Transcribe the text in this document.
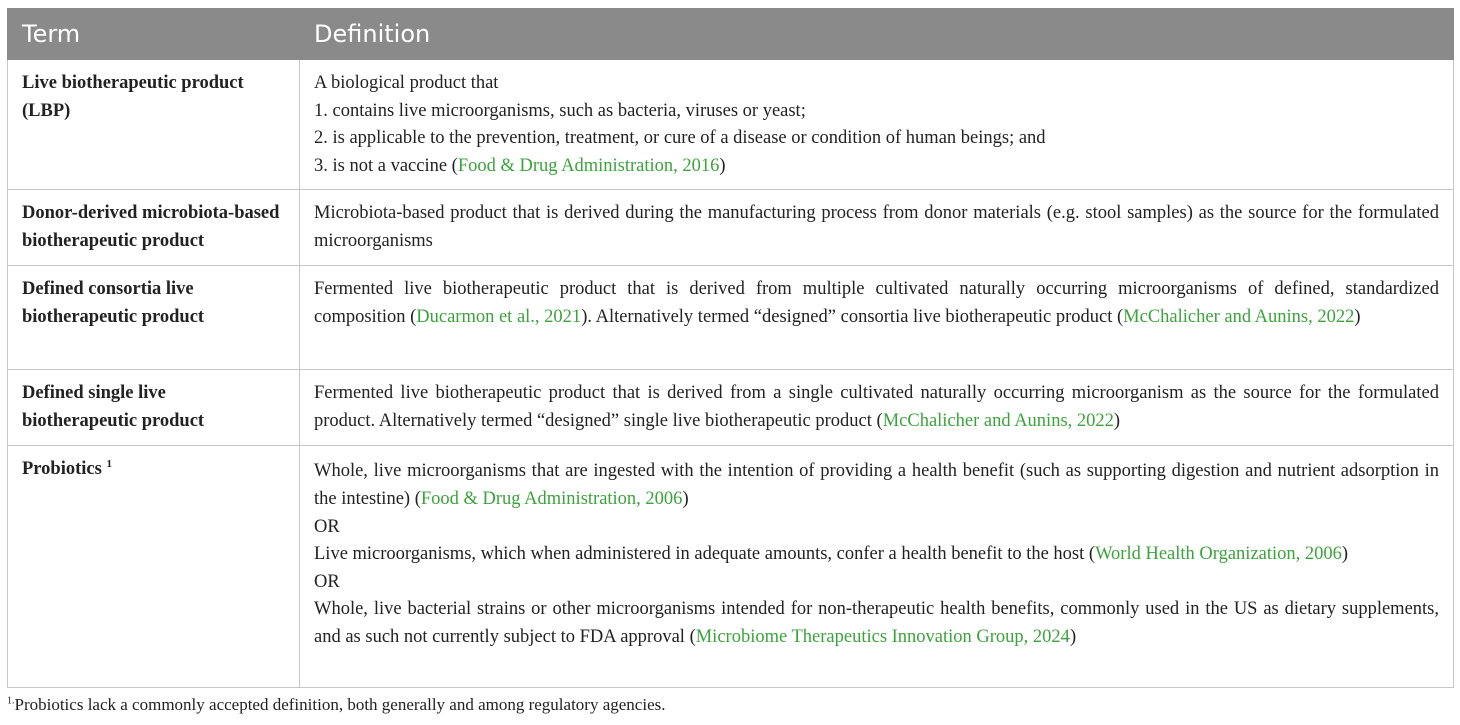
Term	Definition
Live biotherapeutic product (LBP)	A biological product that
1. contains live microorganisms, such as bacteria, viruses or yeast;
2. is applicable to the prevention, treatment, or cure of a disease or condition of human beings; and
3. is not a vaccine (Food & Drug Administration, 2016)

Donor-derived microbiota-based biotherapeutic product	Microbiota-based product that is derived during the manufacturing process from donor materials (e.g. stool samples) as the source for the formulated microorganisms
Defined consortia live biotherapeutic product	Fermented live biotherapeutic product that is derived from multiple cultivated naturally occurring microorganisms of defined, standardized composition (Ducarmon et al., 2021). Alternatively termed “designed” consortia live biotherapeutic product (McChalicher and Aunins, 2022)
Defined single live biotherapeutic product	Fermented live biotherapeutic product that is derived from a single cultivated naturally occurring microorganism as the source for the formulated product. Alternatively termed “designed” single live biotherapeutic product (McChalicher and Aunins, 2022)
Probiotics $^1$	Whole, live microorganisms that are ingested with the intention of providing a health benefit (such as supporting digestion and nutrient adsorption in the intestine) (Food & Drug Administration, 2006)
OR
Live microorganisms, which when administered in adequate amounts, confer a health benefit to the host (World Health Organization, 2006)
OR
Whole, live bacterial strains or other microorganisms intended for non-therapeutic health benefits, commonly used in the US as dietary supplements, and as such not currently subject to FDA approval (Microbiome Therapeutics Innovation Group, 2024)
$^{1.}$Probiotics lack a commonly accepted definition, both generally and among regulatory agencies.
